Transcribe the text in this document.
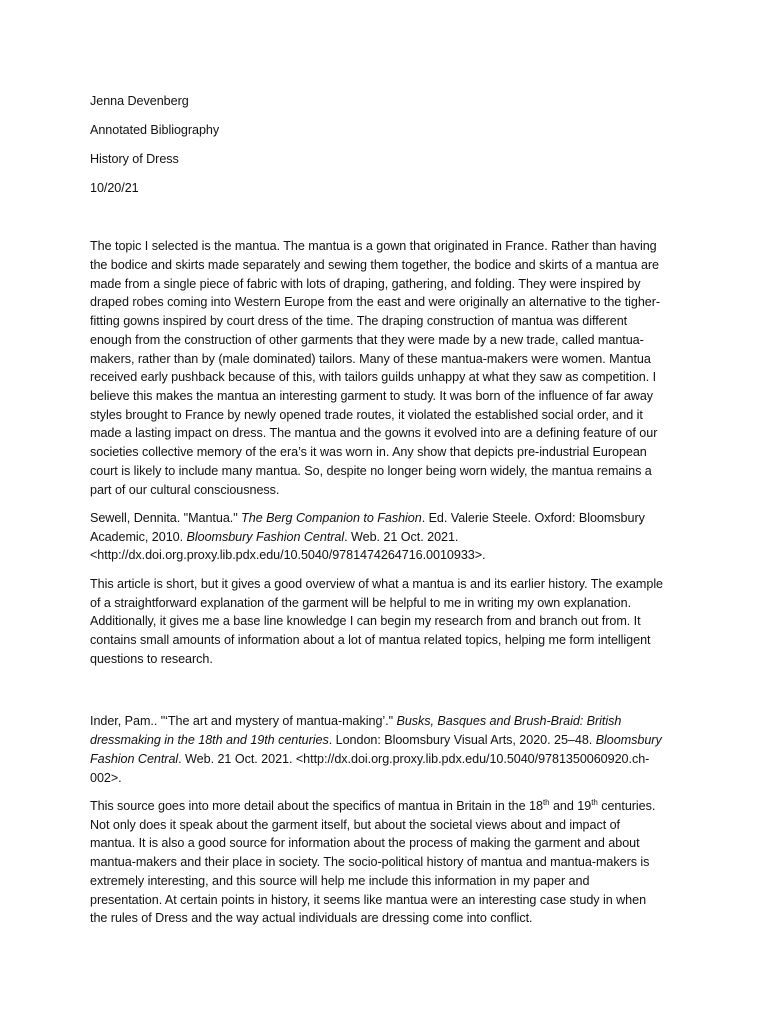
Jenna Devenberg
Annotated Bibliography
History of Dress
10/20/21

The topic I selected is the mantua. The mantua is a gown that originated in France. Rather than having
the bodice and skirts made separately and sewing them together, the bodice and skirts of a mantua are
made from a single piece of fabric with lots of draping, gathering, and folding. They were inspired by
draped robes coming into Western Europe from the east and were originally an alternative to the tigher-
fitting gowns inspired by court dress of the time. The draping construction of mantua was different
enough from the construction of other garments that they were made by a new trade, called mantua-
makers, rather than by (male dominated) tailors. Many of these mantua-makers were women. Mantua
received early pushback because of this, with tailors guilds unhappy at what they saw as competition. I
believe this makes the mantua an interesting garment to study. It was born of the influence of far away
styles brought to France by newly opened trade routes, it violated the established social order, and it
made a lasting impact on dress. The mantua and the gowns it evolved into are a defining feature of our
societies collective memory of the era’s it was worn in. Any show that depicts pre-industrial European
court is likely to include many mantua. So, despite no longer being worn widely, the mantua remains a
part of our cultural consciousness.

Sewell, Dennita. "Mantua." The Berg Companion to Fashion. Ed. Valerie Steele. Oxford: Bloomsbury
Academic, 2010. Bloomsbury Fashion Central. Web. 21 Oct. 2021.
<http://dx.doi.org.proxy.lib.pdx.edu/10.5040/9781474264716.0010933>.

This article is short, but it gives a good overview of what a mantua is and its earlier history. The example
of a straightforward explanation of the garment will be helpful to me in writing my own explanation.
Additionally, it gives me a base line knowledge I can begin my research from and branch out from. It
contains small amounts of information about a lot of mantua related topics, helping me form intelligent
questions to research.

Inder, Pam.. "‘The art and mystery of mantua-making’." Busks, Basques and Brush-Braid: British
dressmaking in the 18th and 19th centuries. London: Bloomsbury Visual Arts, 2020. 25–48. Bloomsbury
Fashion Central. Web. 21 Oct. 2021. <http://dx.doi.org.proxy.lib.pdx.edu/10.5040/9781350060920.ch-
002>.

This source goes into more detail about the specifics of mantua in Britain in the 18th and 19th centuries.
Not only does it speak about the garment itself, but about the societal views about and impact of
mantua. It is also a good source for information about the process of making the garment and about
mantua-makers and their place in society. The socio-political history of mantua and mantua-makers is
extremely interesting, and this source will help me include this information in my paper and
presentation. At certain points in history, it seems like mantua were an interesting case study in when
the rules of Dress and the way actual individuals are dressing come into conflict.
